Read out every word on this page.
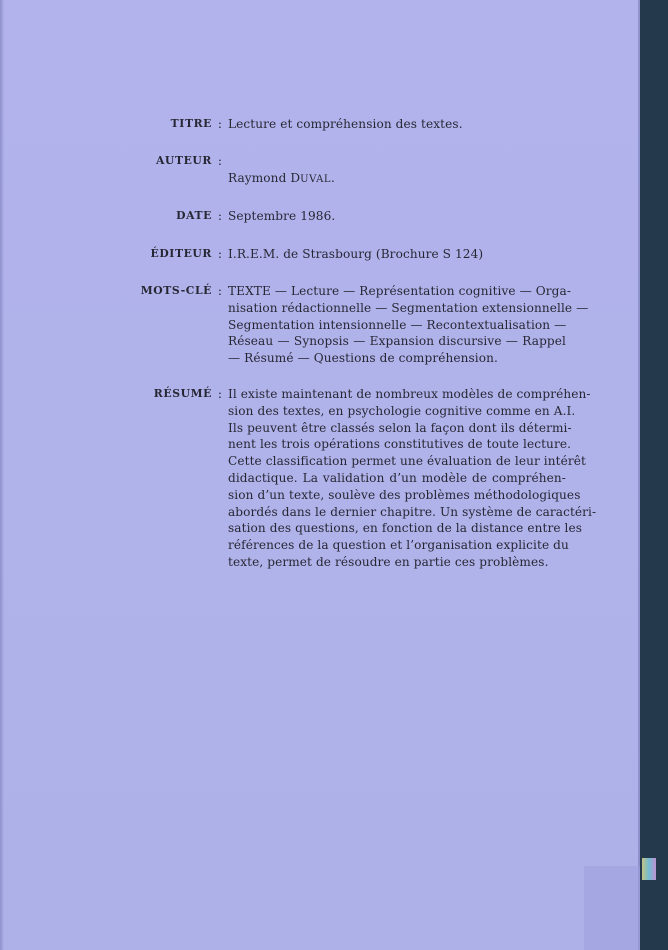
TITRE : Lecture et compréhension des textes.
AUTEUR :

Raymond DUVAL.

DATE : Septembre 1986.
ÉDITEUR : I.R.E.M. de Strasbourg (Brochure S 124)
MOTS-CLÉ : TEXTE — Lecture — Représentation cognitive — Orga-
nisation rédactionnelle — Segmentation extensionnelle —
Segmentation intensionnelle — Recontextualisation —
Réseau — Synopsis — Expansion discursive — Rappel
— Résumé — Questions de compréhension.
RÉSUMÉ : Il existe maintenant de nombreux modèles de compréhen-
sion des textes, en psychologie cognitive comme en A.I.
Ils peuvent être classés selon la façon dont ils détermi-
nent les trois opérations constitutives de toute lecture.
Cette classification permet une évaluation de leur intérêt
didactique. La validation d’un modèle de compréhen-
sion d’un texte, soulève des problèmes méthodologiques
abordés dans le dernier chapitre. Un système de caractéri-
sation des questions, en fonction de la distance entre les
références de la question et l’organisation explicite du
texte, permet de résoudre en partie ces problèmes.
